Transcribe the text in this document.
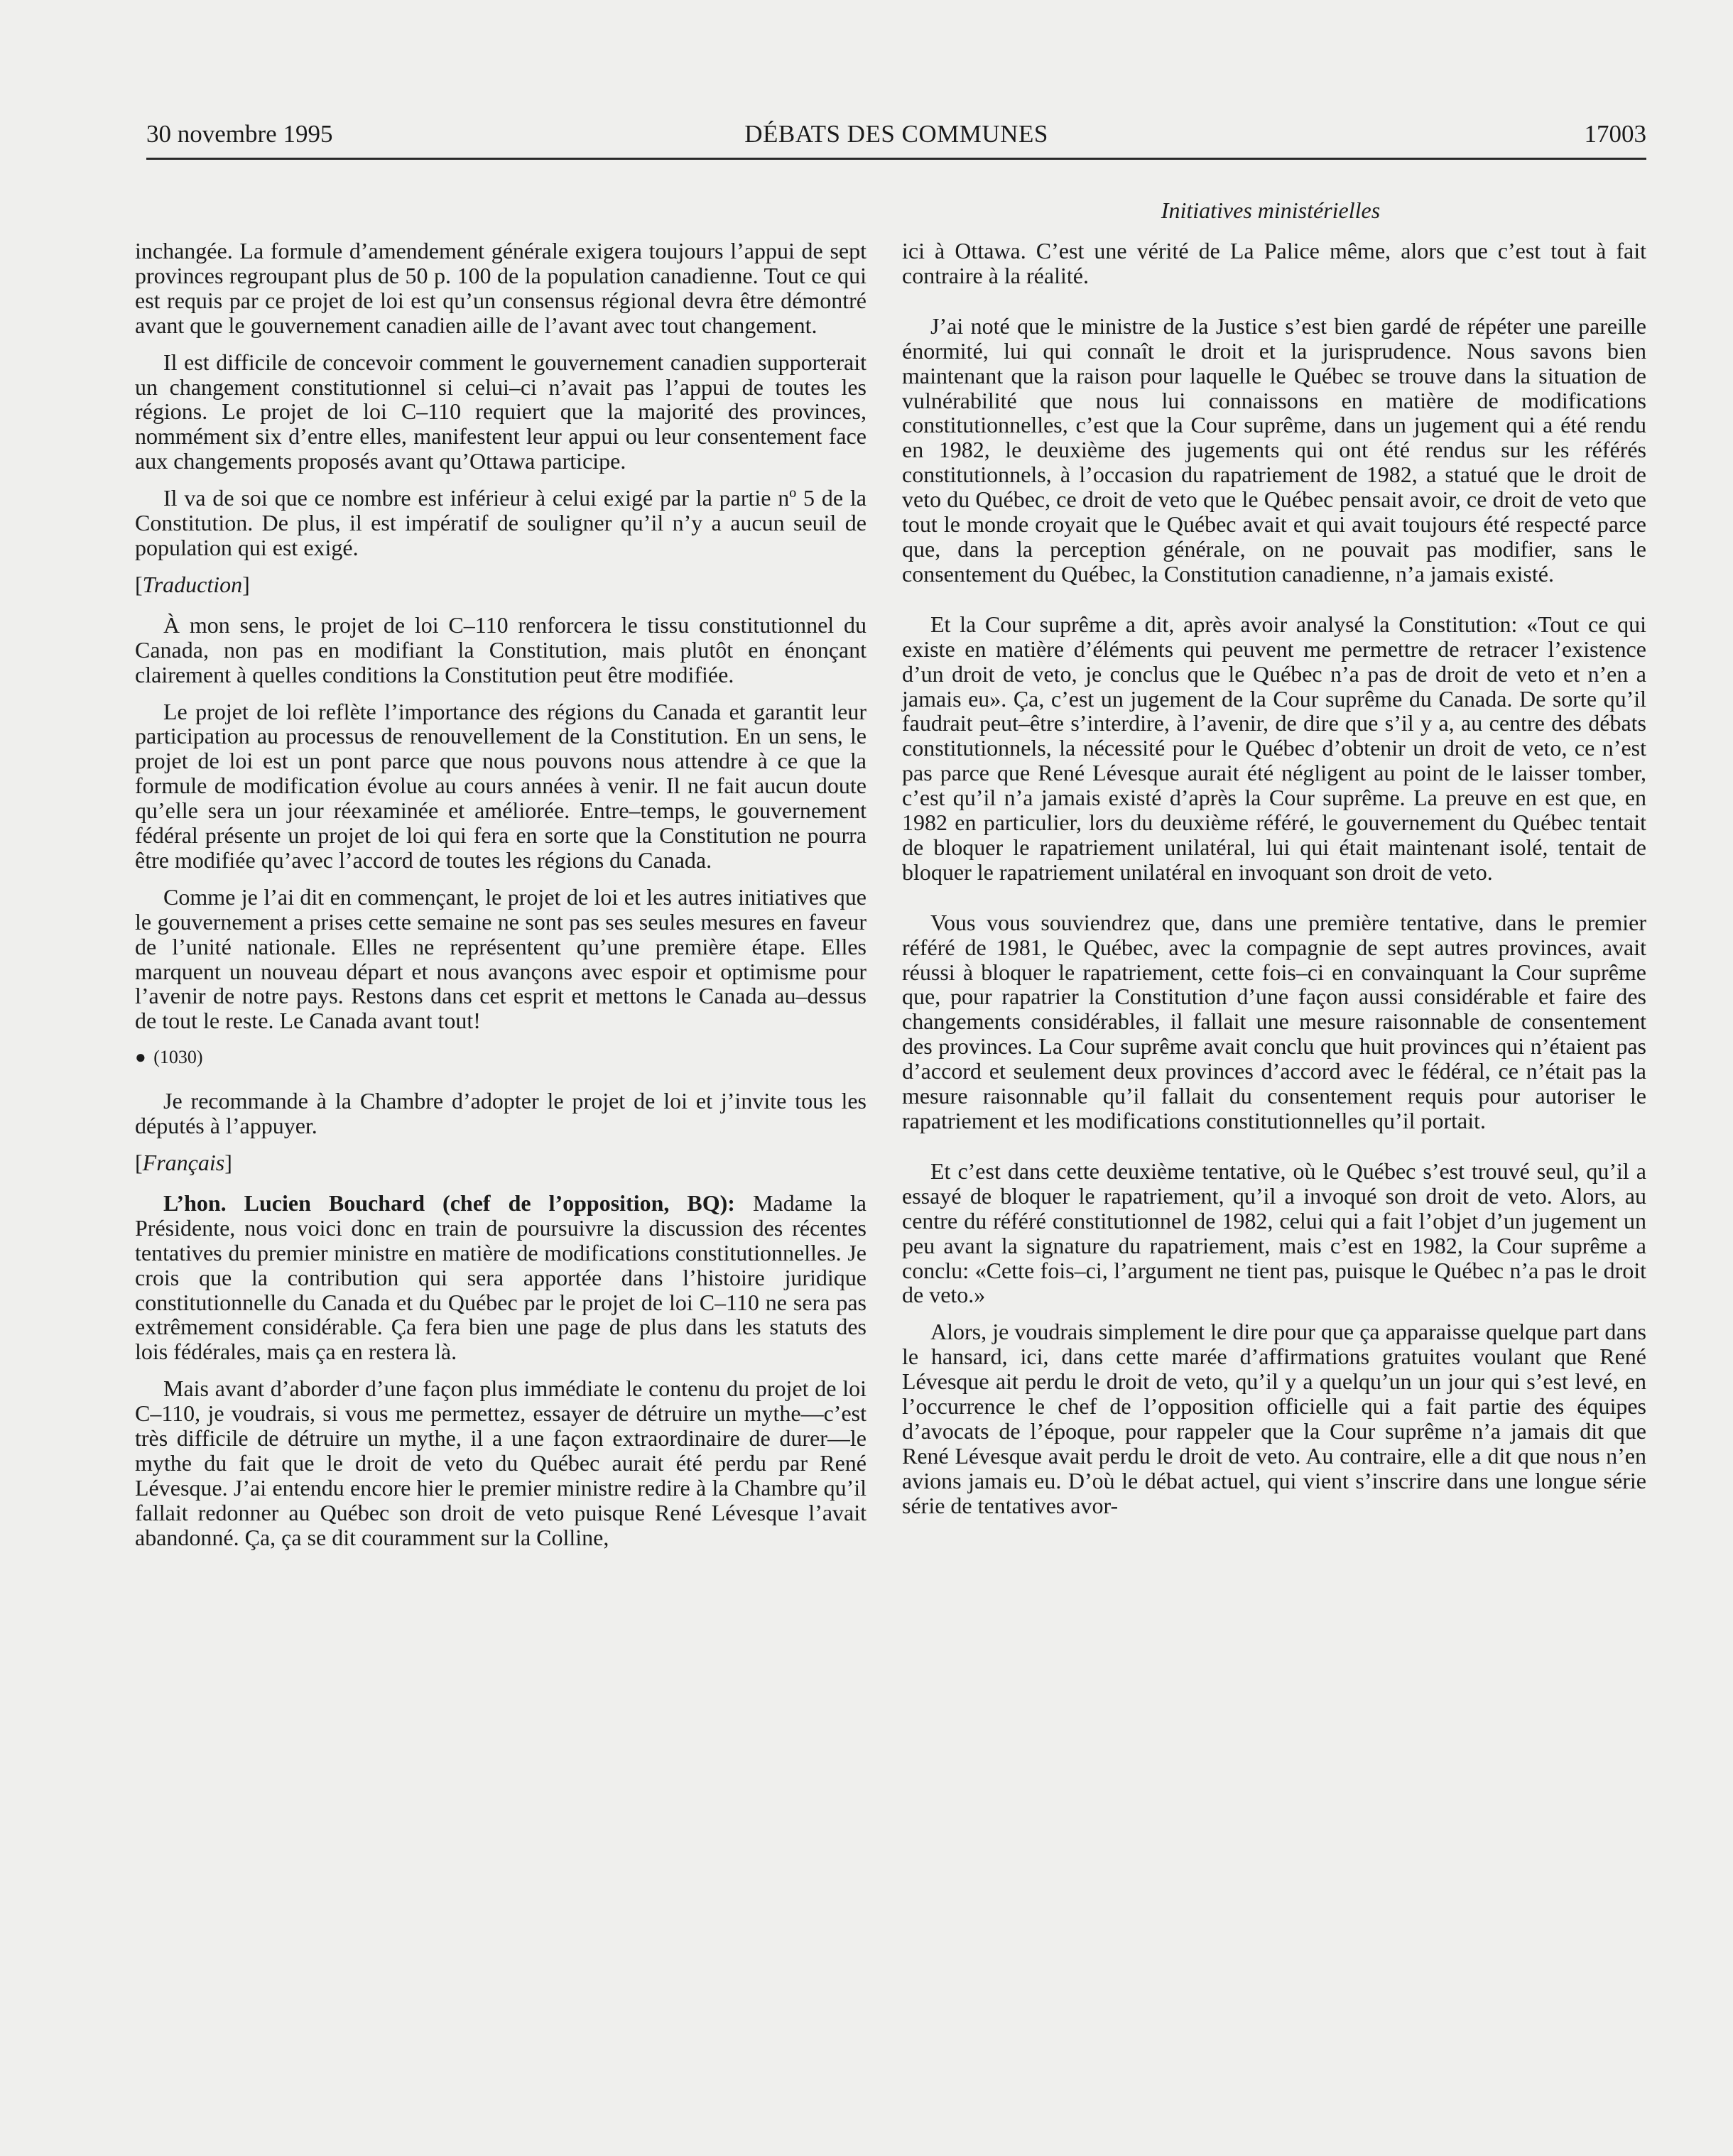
30 novembre 1995	DÉBATS DES COMMUNES	17003
Initiatives ministérielles

inchangée. La formule d’amendement générale exigera toujours l’appui de sept provinces regroupant plus de 50 p. 100 de la population canadienne. Tout ce qui est requis par ce projet de loi est qu’un consensus régional devra être démontré avant que le gouvernement canadien aille de l’avant avec tout changement.

Il est difficile de concevoir comment le gouvernement canadien supporterait un changement constitutionnel si celui–ci n’avait pas l’appui de toutes les régions. Le projet de loi C–110 requiert que la majorité des provinces, nommément six d’entre elles, manifestent leur appui ou leur consentement face aux changements proposés avant qu’Ottawa participe.

Il va de soi que ce nombre est inférieur à celui exigé par la partie nº 5 de la Constitution. De plus, il est impératif de souligner qu’il n’y a aucun seuil de population qui est exigé.

[Traduction]

À mon sens, le projet de loi C–110 renforcera le tissu constitutionnel du Canada, non pas en modifiant la Constitution, mais plutôt en énonçant clairement à quelles conditions la Constitution peut être modifiée.

Le projet de loi reflète l’importance des régions du Canada et garantit leur participation au processus de renouvellement de la Constitution. En un sens, le projet de loi est un pont parce que nous pouvons nous attendre à ce que la formule de modification évolue au cours années à venir. Il ne fait aucun doute qu’elle sera un jour réexaminée et améliorée. Entre–temps, le gouvernement fédéral présente un projet de loi qui fera en sorte que la Constitution ne pourra être modifiée qu’avec l’accord de toutes les régions du Canada.

Comme je l’ai dit en commençant, le projet de loi et les autres initiatives que le gouvernement a prises cette semaine ne sont pas ses seules mesures en faveur de l’unité nationale. Elles ne représentent qu’une première étape. Elles marquent un nouveau départ et nous avançons avec espoir et optimisme pour l’avenir de notre pays. Restons dans cet esprit et mettons le Canada au–dessus de tout le reste. Le Canada avant tout!

● (1030)

Je recommande à la Chambre d’adopter le projet de loi et j’invite tous les députés à l’appuyer.

[Français]

L’hon. Lucien Bouchard (chef de l’opposition, BQ): Madame la Présidente, nous voici donc en train de poursuivre la discussion des récentes tentatives du premier ministre en matière de modifications constitutionnelles. Je crois que la contribution qui sera apportée dans l’histoire juridique constitutionnelle du Canada et du Québec par le projet de loi C–110 ne sera pas extrêmement considérable. Ça fera bien une page de plus dans les statuts des lois fédérales, mais ça en restera là.

Mais avant d’aborder d’une façon plus immédiate le contenu du projet de loi C–110, je voudrais, si vous me permettez, essayer de détruire un mythe—c’est très difficile de détruire un mythe, il a une façon extraordinaire de durer—le mythe du fait que le droit de veto du Québec aurait été perdu par René Lévesque. J’ai entendu encore hier le premier ministre redire à la Chambre qu’il fallait redonner au Québec son droit de veto puisque René Lévesque l’avait abandonné. Ça, ça se dit couramment sur la Colline,

ici à Ottawa. C’est une vérité de La Palice même, alors que c’est tout à fait contraire à la réalité.

J’ai noté que le ministre de la Justice s’est bien gardé de répéter une pareille énormité, lui qui connaît le droit et la jurisprudence. Nous savons bien maintenant que la raison pour laquelle le Québec se trouve dans la situation de vulnérabilité que nous lui connaissons en matière de modifications constitutionnelles, c’est que la Cour suprême, dans un jugement qui a été rendu en 1982, le deuxième des jugements qui ont été rendus sur les référés constitutionnels, à l’occasion du rapatriement de 1982, a statué que le droit de veto du Québec, ce droit de veto que le Québec pensait avoir, ce droit de veto que tout le monde croyait que le Québec avait et qui avait toujours été respecté parce que, dans la perception générale, on ne pouvait pas modifier, sans le consentement du Québec, la Constitution canadienne, n’a jamais existé.

Et la Cour suprême a dit, après avoir analysé la Constitution: «Tout ce qui existe en matière d’éléments qui peuvent me permettre de retracer l’existence d’un droit de veto, je conclus que le Québec n’a pas de droit de veto et n’en a jamais eu». Ça, c’est un jugement de la Cour suprême du Canada. De sorte qu’il faudrait peut–être s’interdire, à l’avenir, de dire que s’il y a, au centre des débats constitutionnels, la nécessité pour le Québec d’obtenir un droit de veto, ce n’est pas parce que René Lévesque aurait été négligent au point de le laisser tomber, c’est qu’il n’a jamais existé d’après la Cour suprême. La preuve en est que, en 1982 en particulier, lors du deuxième référé, le gouvernement du Québec tentait de bloquer le rapatriement unilatéral, lui qui était maintenant isolé, tentait de bloquer le rapatriement unilatéral en invoquant son droit de veto.

Vous vous souviendrez que, dans une première tentative, dans le premier référé de 1981, le Québec, avec la compagnie de sept autres provinces, avait réussi à bloquer le rapatriement, cette fois–ci en convainquant la Cour suprême que, pour rapatrier la Constitution d’une façon aussi considérable et faire des changements considérables, il fallait une mesure raisonnable de consentement des provinces. La Cour suprême avait conclu que huit provinces qui n’étaient pas d’accord et seulement deux provinces d’accord avec le fédéral, ce n’était pas la mesure raisonnable qu’il fallait du consentement requis pour autoriser le rapatriement et les modifications constitutionnelles qu’il portait.

Et c’est dans cette deuxième tentative, où le Québec s’est trouvé seul, qu’il a essayé de bloquer le rapatriement, qu’il a invoqué son droit de veto. Alors, au centre du référé constitutionnel de 1982, celui qui a fait l’objet d’un jugement un peu avant la signature du rapatriement, mais c’est en 1982, la Cour suprême a conclu: «Cette fois–ci, l’argument ne tient pas, puisque le Québec n’a pas le droit de veto.»

Alors, je voudrais simplement le dire pour que ça apparaisse quelque part dans le hansard, ici, dans cette marée d’affirmations gratuites voulant que René Lévesque ait perdu le droit de veto, qu’il y a quelqu’un un jour qui s’est levé, en l’occurrence le chef de l’opposition officielle qui a fait partie des équipes d’avocats de l’époque, pour rappeler que la Cour suprême n’a jamais dit que René Lévesque avait perdu le droit de veto. Au contraire, elle a dit que nous n’en avions jamais eu. D’où le débat actuel, qui vient s’inscrire dans une longue série série de tentatives avor-
